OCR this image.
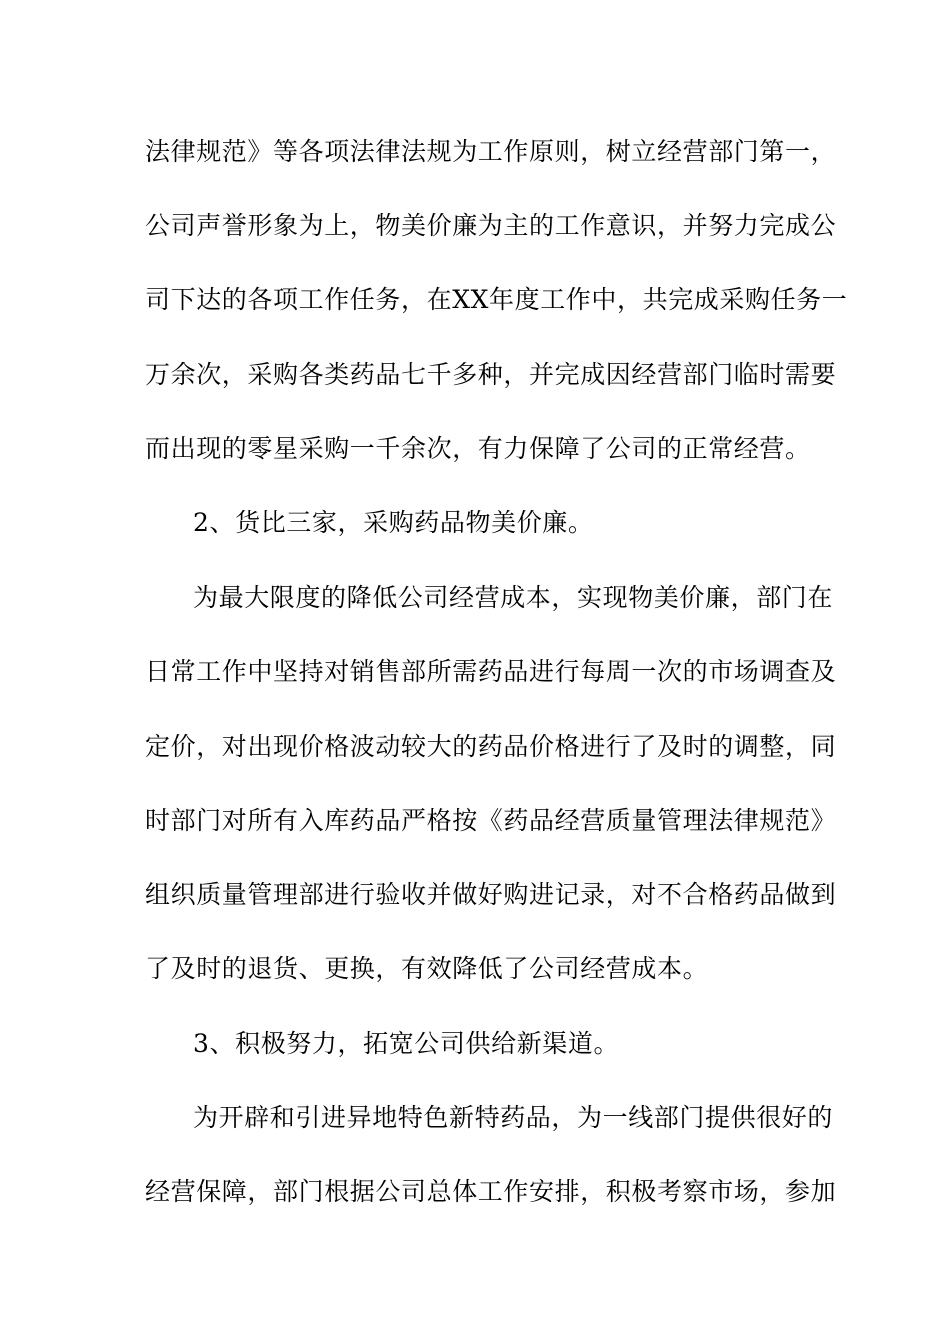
法律规范》等各项法律法规为工作原则，树立经营部门第一，
公司声誉形象为上，物美价廉为主的工作意识，并努力完成公
司下达的各项工作任务，在XX年度工作中，共完成采购任务一
万余次，采购各类药品七千多种，并完成因经营部门临时需要
而出现的零星采购一千余次，有力保障了公司的正常经营。
2、货比三家，采购药品物美价廉。
为最大限度的降低公司经营成本，实现物美价廉，部门在
日常工作中坚持对销售部所需药品进行每周一次的市场调查及
定价，对出现价格波动较大的药品价格进行了及时的调整，同
时部门对所有入库药品严格按《药品经营质量管理法律规范》
组织质量管理部进行验收并做好购进记录，对不合格药品做到
了及时的退货、更换，有效降低了公司经营成本。
3、积极努力，拓宽公司供给新渠道。
为开辟和引进异地特色新特药品，为一线部门提供很好的
经营保障，部门根据公司总体工作安排，积极考察市场，参加
